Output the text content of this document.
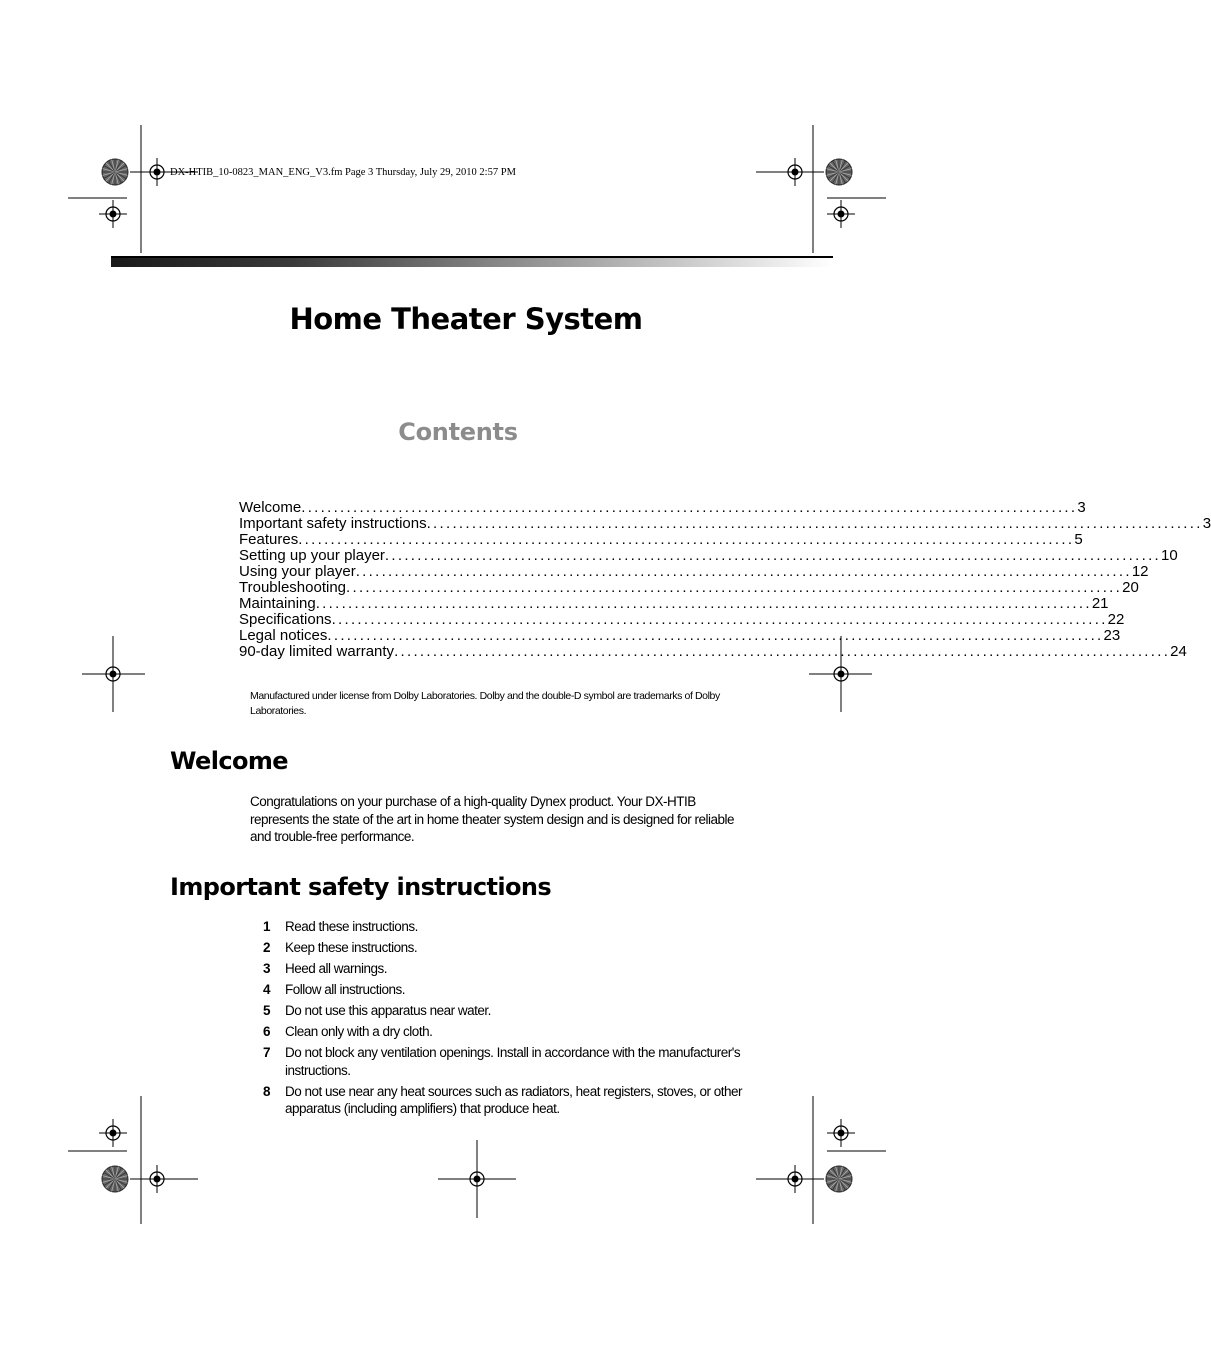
DX-HTIB_10-0823_MAN_ENG_V3.fm Page 3 Thursday, July 29, 2010 2:57 PM
Home Theater System
Contents
Welcome ........................................................................................................................ 3
Important safety instructions ........................................................................................................................ 3
Features ........................................................................................................................ 5
Setting up your player ........................................................................................................................ 10
Using your player ........................................................................................................................ 12
Troubleshooting ........................................................................................................................ 20
Maintaining ........................................................................................................................ 21
Specifications ........................................................................................................................ 22
Legal notices ........................................................................................................................ 23
90-day limited warranty ........................................................................................................................ 24
Manufactured under license from Dolby Laboratories. Dolby and the double-D symbol are trademarks of Dolby Laboratories.
Welcome
Congratulations on your purchase of a high-quality Dynex product. Your DX-HTIB represents the state of the art in home theater system design and is designed for reliable and trouble-free performance.
Important safety instructions
1	Read these instructions.
2	Keep these instructions.
3	Heed all warnings.
4	Follow all instructions.
5	Do not use this apparatus near water.
6	Clean only with a dry cloth.
7	Do not block any ventilation openings. Install in accordance with the manufacturer's instructions.
8	Do not use near any heat sources such as radiators, heat registers, stoves, or other apparatus (including amplifiers) that produce heat.
